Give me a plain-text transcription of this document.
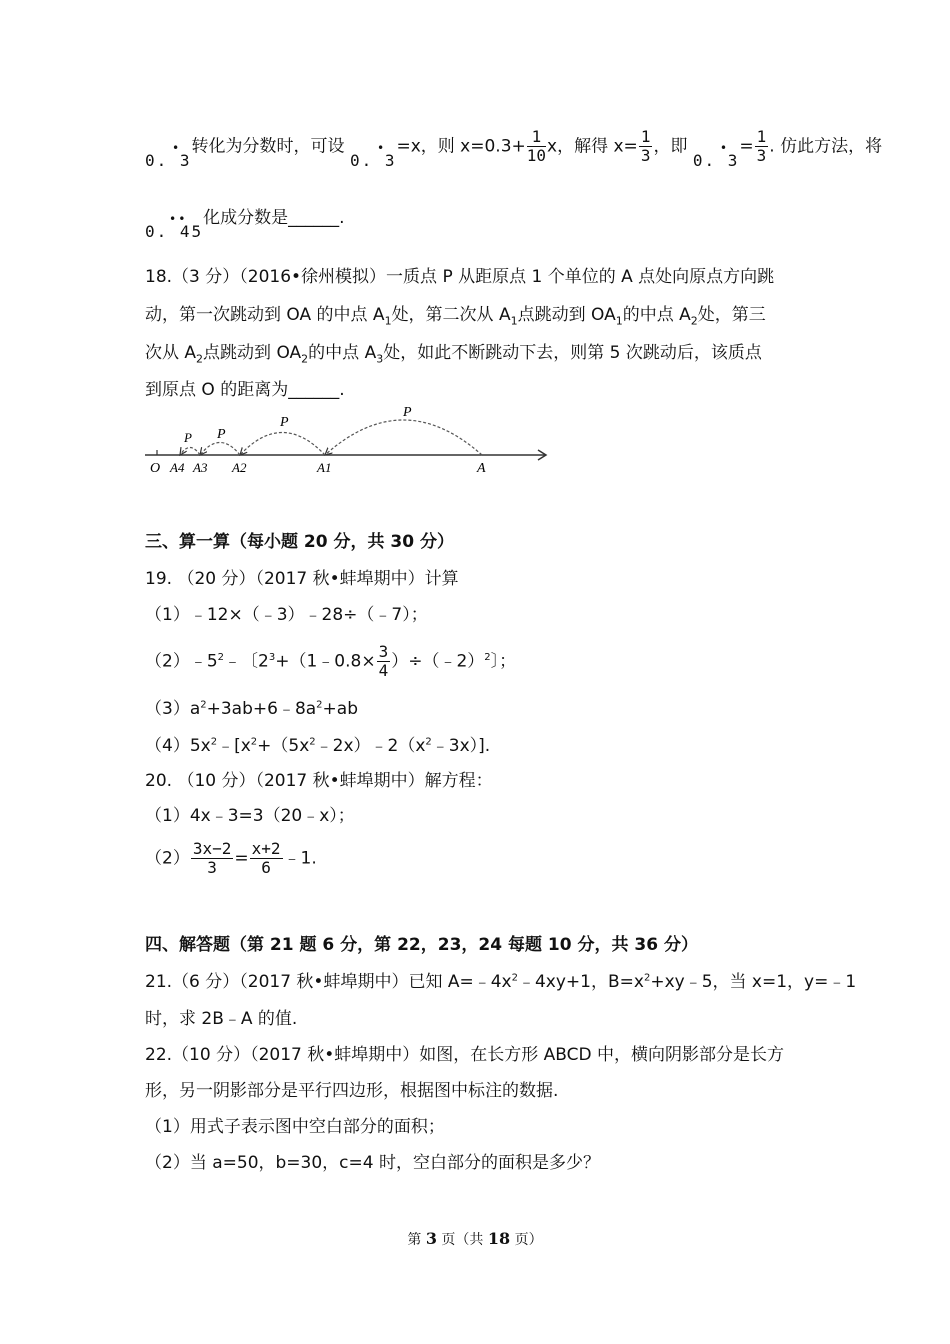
•
0. 3转化为分数时，可设	•
0. 3=x，则 $x=0.3+ \frac{1}{10}$ x，解得 $x= \frac{1}{3}$ ，即	•
0. $3= \frac{1}{3}$ . 仿此方法，将
••
0. 45化成分数是______.
18.（3 分）（2016•徐州模拟）一质点 P 从距原点 1 个单位的 A 点处向原点方向跳
动，第一次跳动到 OA 的中点 $A_1$处，第二次从 $A_1$点跳动到 $OA_1$的中点 $A_2$处，第三
次从 $A_2$点跳动到 $OA_2$的中点 $A_3$处，如此不断跳动下去，则第 5 次跳动后，该质点
到原点 O 的距离为______.
P
P
P
P
O A4 A3 A2	A1	A
三、算一算（每小题 20 分，共 30 分）
19. （20 分）（2017 秋•蚌埠期中）计算
（1）﹣12×（﹣3）﹣28÷（﹣7）；
$(2)﹣5^2﹣$〔$2^3+(1﹣0.8\times \frac{3}{4}$ ）÷（﹣2）$^2$〕；
$(3)a^2+3ab+6﹣8a^2+ab$
$(4)5x^2﹣[x^2+(5x^2﹣2x)﹣2(x^2﹣3x)]$.
20. （10 分）（2017 秋•蚌埠期中）解方程：
（1）4x﹣3=3（20﹣x）；
$(2) \frac{3x-2}{3} = \frac{x+2}{6}$ ﹣1.
四、解答题（第 21 题 6 分，第 22，23，24 每题 10 分，共 36 分）
21.（6 分）（2017 秋•蚌埠期中）已知 $A=﹣4x^2﹣4xy+1$，$B=x^2+xy﹣5$，当 x=1，y=﹣1
时，求 2B﹣A 的值.
22.（10 分）（2017 秋•蚌埠期中）如图，在长方形 ABCD 中，横向阴影部分是长方
形，另一阴影部分是平行四边形，根据图中标注的数据.
（1）用式子表示图中空白部分的面积；
（2）当 a=50，b=30，c=4 时，空白部分的面积是多少？
第 3 页（共 18 页）
